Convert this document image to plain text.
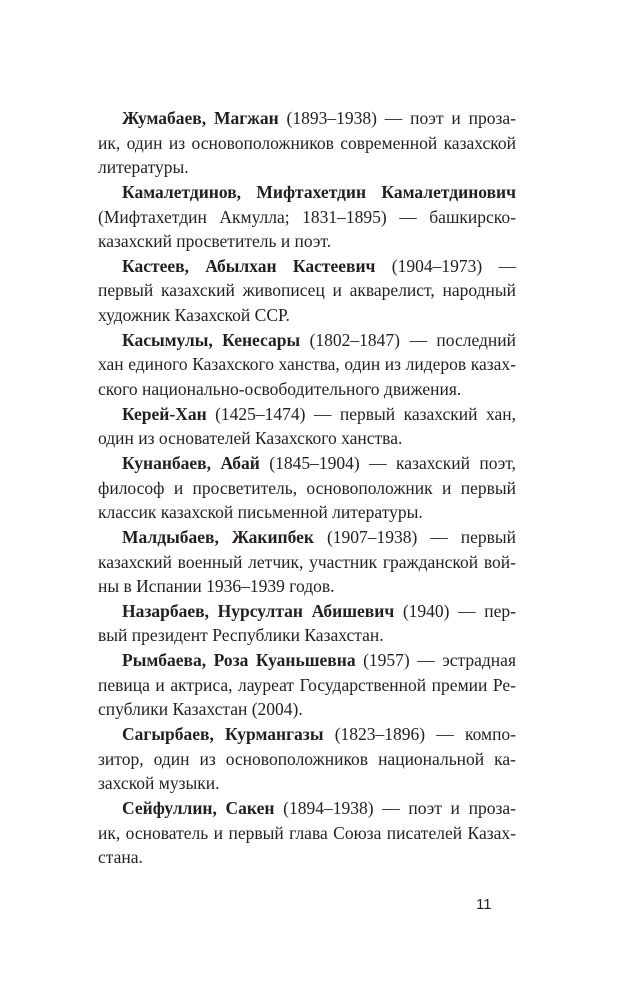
Жумабаев, Магжан (1893–1938) — поэт и проза-
ик, один из основоположников современной казахской
литературы.
Камалетдинов, Мифтахетдин Камалетдинович
(Мифтахетдин Акмулла; 1831–1895) — башкирско-
казахский просветитель и поэт.
Кастеев, Абылхан Кастеевич (1904–1973) —
первый казахский живописец и акварелист, народный
художник Казахской ССР.
Касымулы, Кенесары (1802–1847) — последний
хан единого Казахского ханства, один из лидеров казах-
ского национально-освободительного движения.
Керей-Хан (1425–1474) — первый казахский хан,
один из основателей Казахского ханства.
Кунанбаев, Абай (1845–1904) — казахский поэт,
философ и просветитель, основоположник и первый
классик казахской письменной литературы.
Малдыбаев, Жакипбек (1907–1938) — первый
казахский военный летчик, участник гражданской вой-
ны в Испании 1936–1939 годов.
Назарбаев, Нурсултан Абишевич (1940) — пер-
вый президент Республики Казахстан.
Рымбаева, Роза Куаньшевна (1957) — эстрадная
певица и актриса, лауреат Государственной премии Ре-
спублики Казахстан (2004).
Сагырбаев, Курмангазы (1823–1896) — компо-
зитор, один из основоположников национальной ка-
захской музыки.
Сейфуллин, Сакен (1894–1938) — поэт и проза-
ик, основатель и первый глава Союза писателей Казах-
стана.
11
